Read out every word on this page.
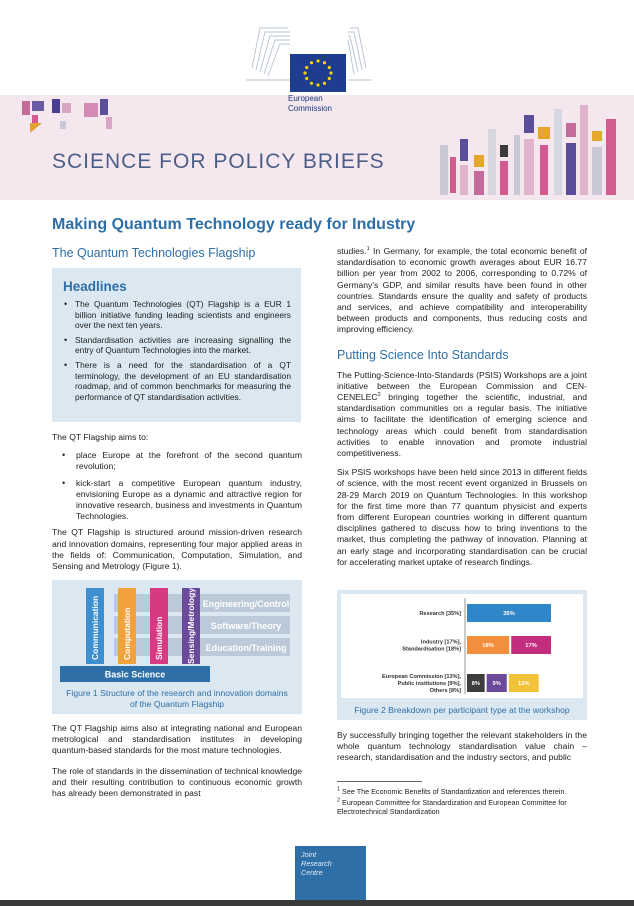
European
Commission
SCIENCE FOR POLICY BRIEFS
Making Quantum Technology ready for Industry
The Quantum Technologies Flagship
Headlines
• The Quantum Technologies (QT) Flagship is a EUR 1 billion initiative funding leading scientists and engineers over the next ten years.
• Standardisation activities are increasing signalling the entry of Quantum Technologies into the market.
• There is a need for the standardisation of a QT terminology, the development of an EU standardisation roadmap, and of common benchmarks for measuring the performance of QT standardisation activities.

The QT Flagship aims to:

• place Europe at the forefront of the second quantum revolution;
• kick-start a competitive European quantum industry, envisioning Europe as a dynamic and attractive region for innovative research, business and investments in Quantum Technologies.

The QT Flagship is structured around mission-driven research and innovation domains, representing four major applied areas in the fields of: Communication, Computation, Simulation, and Sensing and Metrology (Figure 1).

Engineering/Control
Software/Theory
Education/Training
Communication	Computation	Simulation	Sensing/Metrology
Basic Science
Figure 1 Structure of the research and innovation domains of the Quantum Flagship

The QT Flagship aims also at integrating national and European metrological and standardisation institutes in developing quantum-based standards for the most mature technologies.

The role of standards in the dissemination of technical knowledge and their resulting contribution to continuous economic growth has already been demonstrated in past

studies.$^1$ In Germany, for example, the total economic benefit of standardisation to economic growth averages about EUR 16.77 billion per year from 2002 to 2006, corresponding to 0.72% of Germany's GDP, and similar results have been found in other countries. Standards ensure the quality and safety of products and services, and achieve compatibility and interoperability between products and components, thus reducing costs and improving efficiency.

Putting Science Into Standards

The Putting-Science-Into-Standards (PSIS) Workshops are a joint initiative between the European Commission and CEN-CENELEC$^2$ bringing together the scientific, industrial, and standardisation communities on a regular basis. The initiative aims to facilitate the identification of emerging science and technology areas which could benefit from standardisation activities to enable innovation and promote industrial competitiveness.

Six PSIS workshops have been held since 2013 in different fields of science, with the most recent event organized in Brussels on 28-29 March 2019 on Quantum Technologies. In this workshop for the first time more than 77 quantum physicist and experts from different European countries working in different quantum disciplines gathered to discuss how to bring inventions to the market, thus completing the pathway of innovation. Planning at an early stage and incorporating standardisation can be crucial for accelerating market uptake of research findings.

Research [35%]	35%
Industry [17%],
Standardisation [18%]
18%	17%
European Commission [13%],
Public institutions [9%],
Others [8%]
8% 9%	13%
Figure 2 Breakdown per participant type at the workshop

By successfully bringing together the relevant stakeholders in the whole quantum technology standardisation value chain – research, standardisation and the industry sectors, and public

$^1$ See The Economic Benefits of Standardization and references therein.
$^2$ European Committee for Standardization and European Committee for Electrotechnical Standardization
Joint
Research
Centre
